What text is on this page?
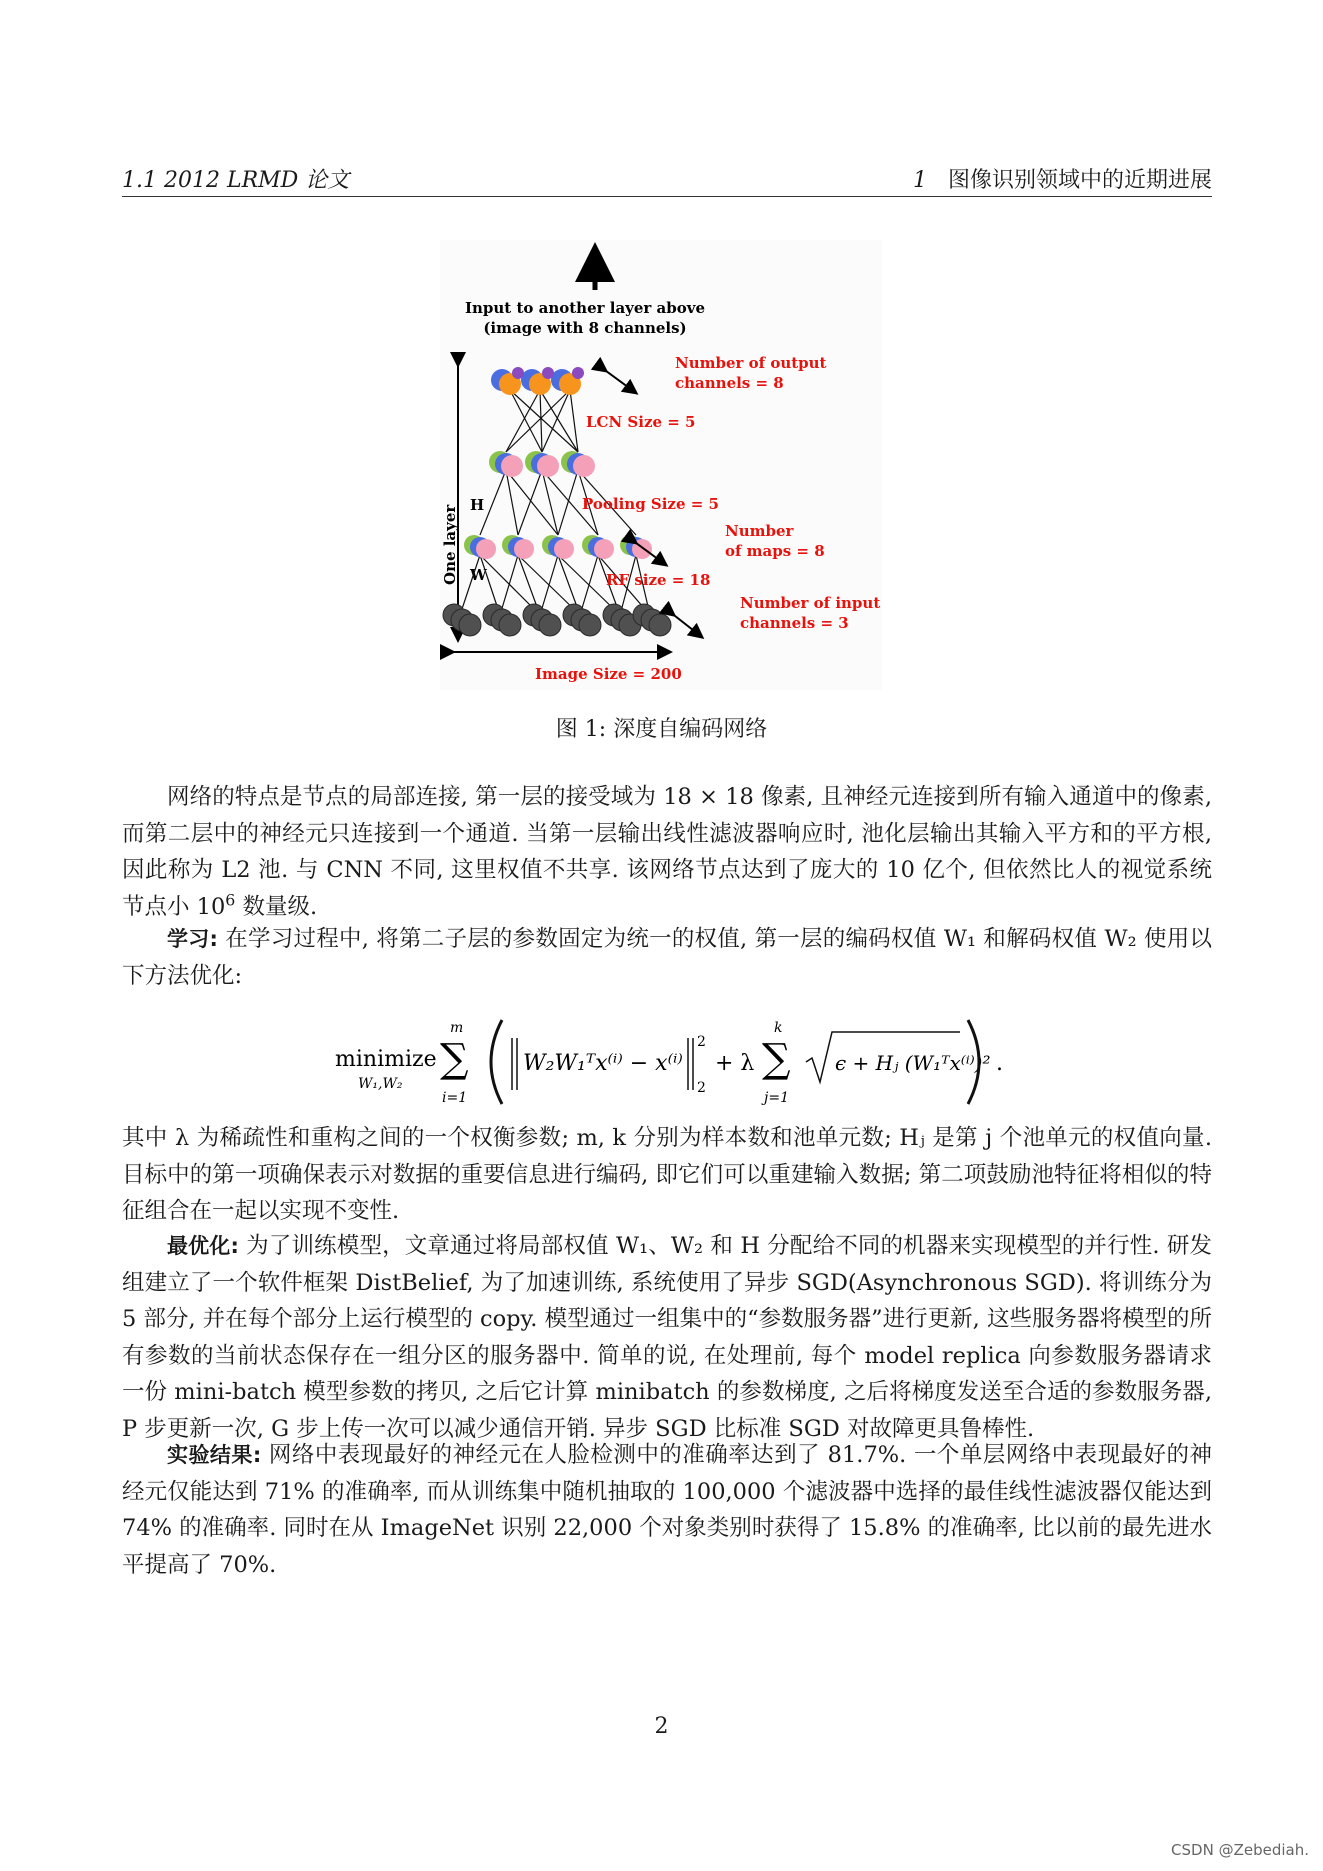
1.1 2012 LRMD 论文	1 图像识别领域中的近期进展
Input to another layer above
(image with 8 channels)
One layer H
W
Number of output
channels = 8
LCN Size = 5
Pooling Size = 5
Number
of maps = 8
RF size = 18
Number of input
channels = 3
Image Size = 200
图 1: 深度自编码网络

网络的特点是节点的局部连接, 第一层的接受域为 18 × 18 像素, 且神经元连接到所有输入通道中的像素, 而第二层中的神经元只连接到一个通道. 当第一层输出线性滤波器响应时, 池化层输出其输入平方和的平方根, 因此称为 L2 池. 与 CNN 不同, 这里权值不共享. 该网络节点达到了庞大的 10 亿个, 但依然比人的视觉系统节点小 $10^6$ 数量级.

学习: 在学习过程中, 将第二子层的参数固定为统一的权值, 第一层的编码权值 W₁ 和解码权值 W₂ 使用以下方法优化:

minimize
W₁,W₂
∑
m
i=1
W₂W₁ᵀx⁽ⁱ⁾ − x⁽ⁱ⁾
2
2
+ λ ∑
k
j=1
ϵ + Hⱼ (W₁ᵀx⁽ⁱ⁾)² .

其中 λ 为稀疏性和重构之间的一个权衡参数; m, k 分别为样本数和池单元数; Hⱼ 是第 j 个池单元的权值向量. 目标中的第一项确保表示对数据的重要信息进行编码, 即它们可以重建输入数据; 第二项鼓励池特征将相似的特征组合在一起以实现不变性.

最优化: 为了训练模型，文章通过将局部权值 W₁、W₂ 和 H 分配给不同的机器来实现模型的并行性. 研发组建立了一个软件框架 DistBelief, 为了加速训练, 系统使用了异步 SGD(Asynchronous SGD). 将训练分为 5 部分, 并在每个部分上运行模型的 copy. 模型通过一组集中的“参数服务器”进行更新, 这些服务器将模型的所有参数的当前状态保存在一组分区的服务器中. 简单的说, 在处理前, 每个 model replica 向参数服务器请求一份 mini-batch 模型参数的拷贝, 之后它计算 minibatch 的参数梯度, 之后将梯度发送至合适的参数服务器, P 步更新一次, G 步上传一次可以减少通信开销. 异步 SGD 比标准 SGD 对故障更具鲁棒性.

实验结果: 网络中表现最好的神经元在人脸检测中的准确率达到了 81.7%. 一个单层网络中表现最好的神经元仅能达到 71% 的准确率, 而从训练集中随机抽取的 100,000 个滤波器中选择的最佳线性滤波器仅能达到 74% 的准确率. 同时在从 ImageNet 识别 22,000 个对象类别时获得了 15.8% 的准确率, 比以前的最先进水平提高了 70%.

2
CSDN @Zebediah.
